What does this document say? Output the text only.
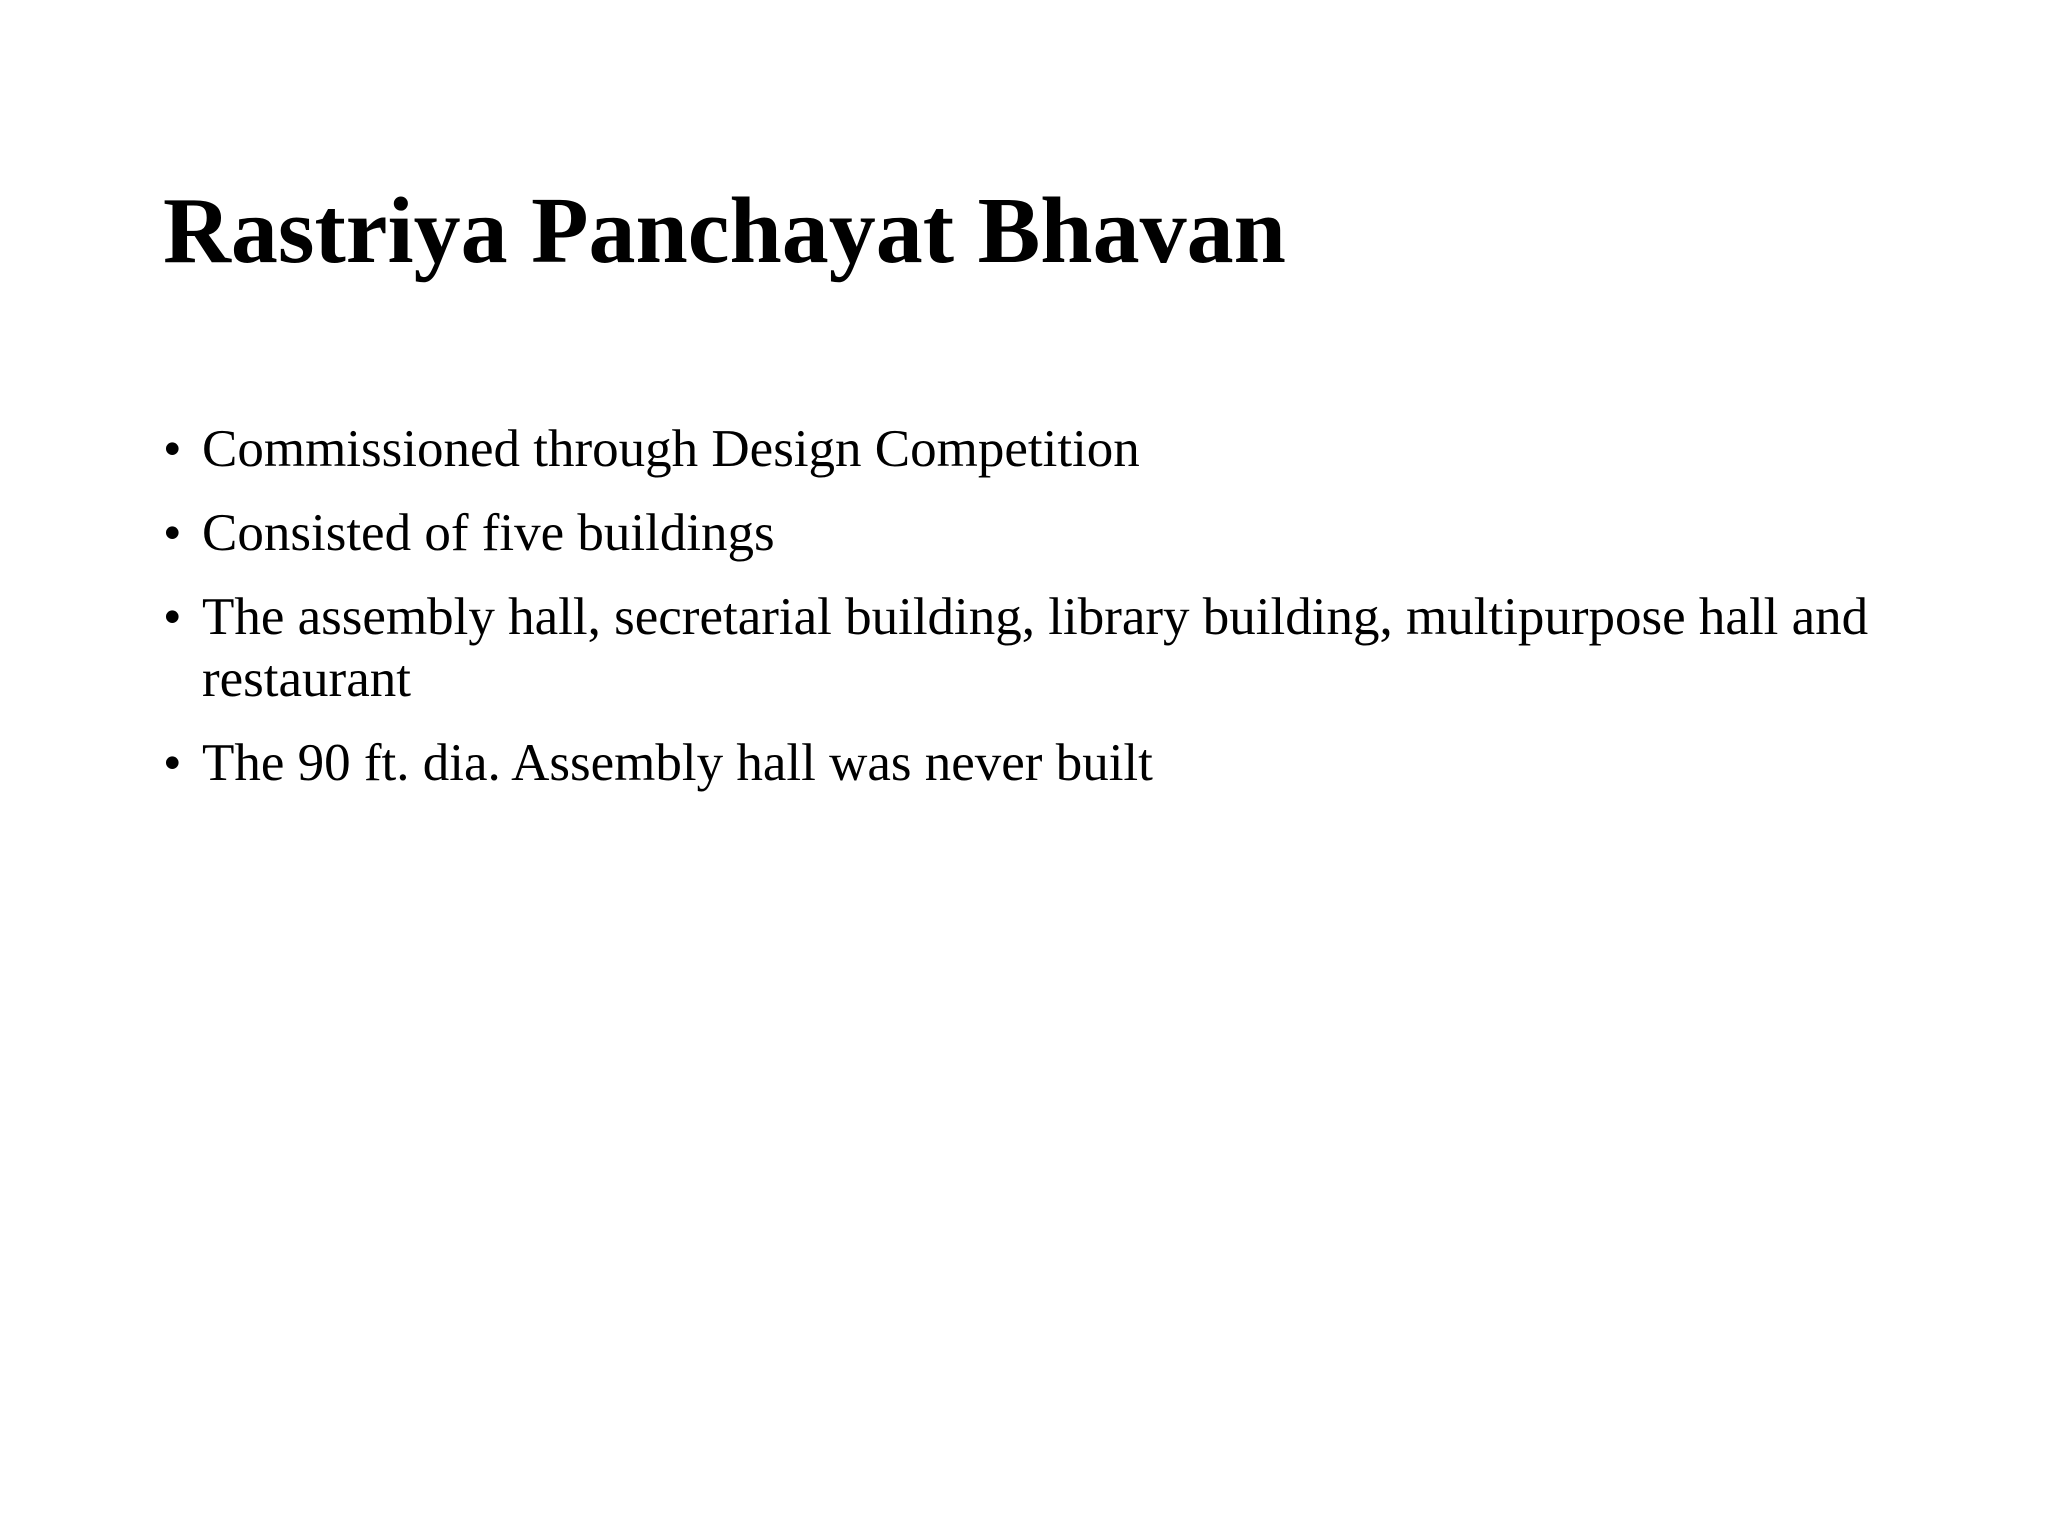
Rastriya Panchayat Bhavan
• Commissioned through Design Competition
• Consisted of five buildings
• The assembly hall, secretarial building, library building, multipurpose hall and restaurant
• The 90 ft. dia. Assembly hall was never built
